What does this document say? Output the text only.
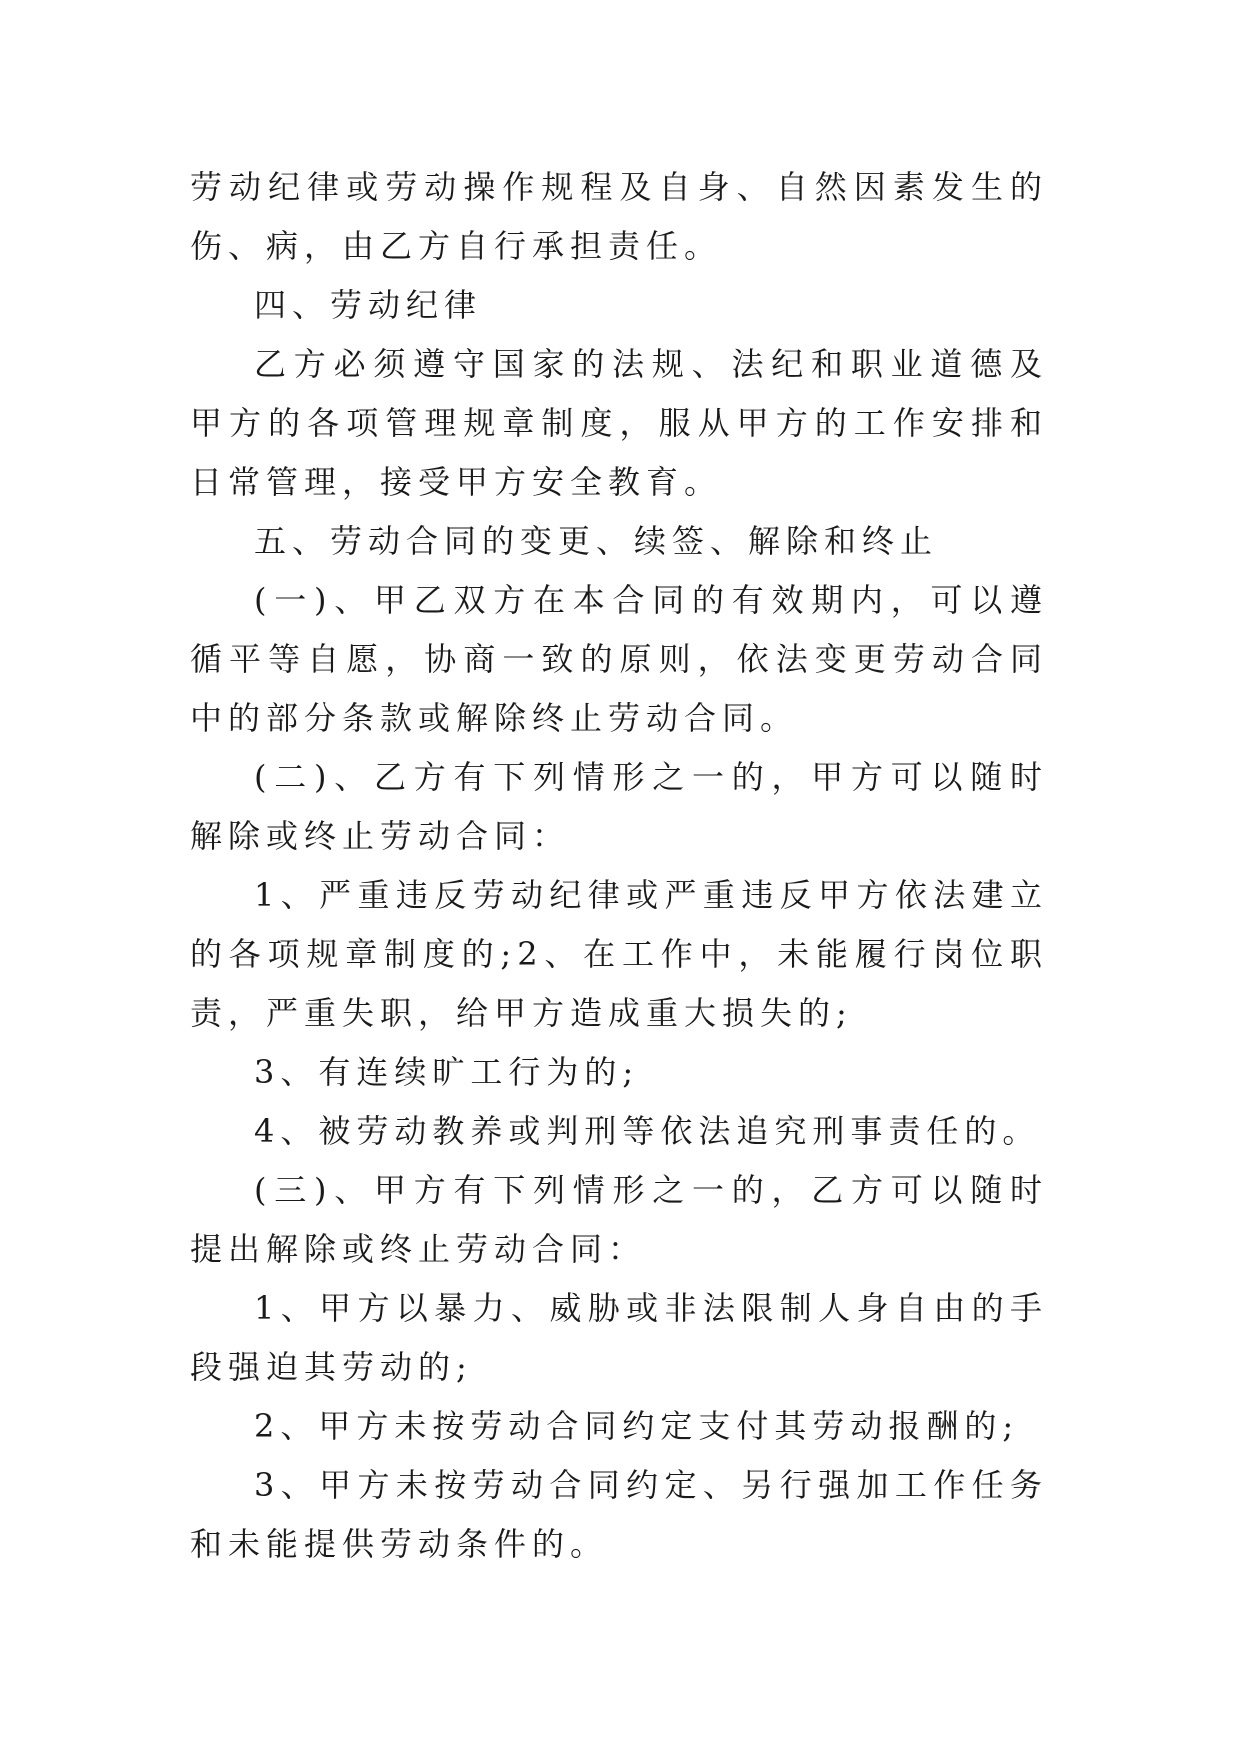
劳动纪律或劳动操作规程及自身、自然因素发生的伤、病，由乙方自行承担责任。

四、劳动纪律

乙方必须遵守国家的法规、法纪和职业道德及甲方的各项管理规章制度，服从甲方的工作安排和日常管理，接受甲方安全教育。

五、劳动合同的变更、续签、解除和终止

(一)、甲乙双方在本合同的有效期内，可以遵循平等自愿，协商一致的原则，依法变更劳动合同中的部分条款或解除终止劳动合同。

(二)、乙方有下列情形之一的，甲方可以随时解除或终止劳动合同：

1、严重违反劳动纪律或严重违反甲方依法建立的各项规章制度的;2、在工作中，未能履行岗位职责，严重失职，给甲方造成重大损失的;

3、有连续旷工行为的;

4、被劳动教养或判刑等依法追究刑事责任的。

(三)、甲方有下列情形之一的，乙方可以随时提出解除或终止劳动合同：

1、甲方以暴力、威胁或非法限制人身自由的手段强迫其劳动的;

2、甲方未按劳动合同约定支付其劳动报酬的;

3、甲方未按劳动合同约定、另行强加工作任务和未能提供劳动条件的。
